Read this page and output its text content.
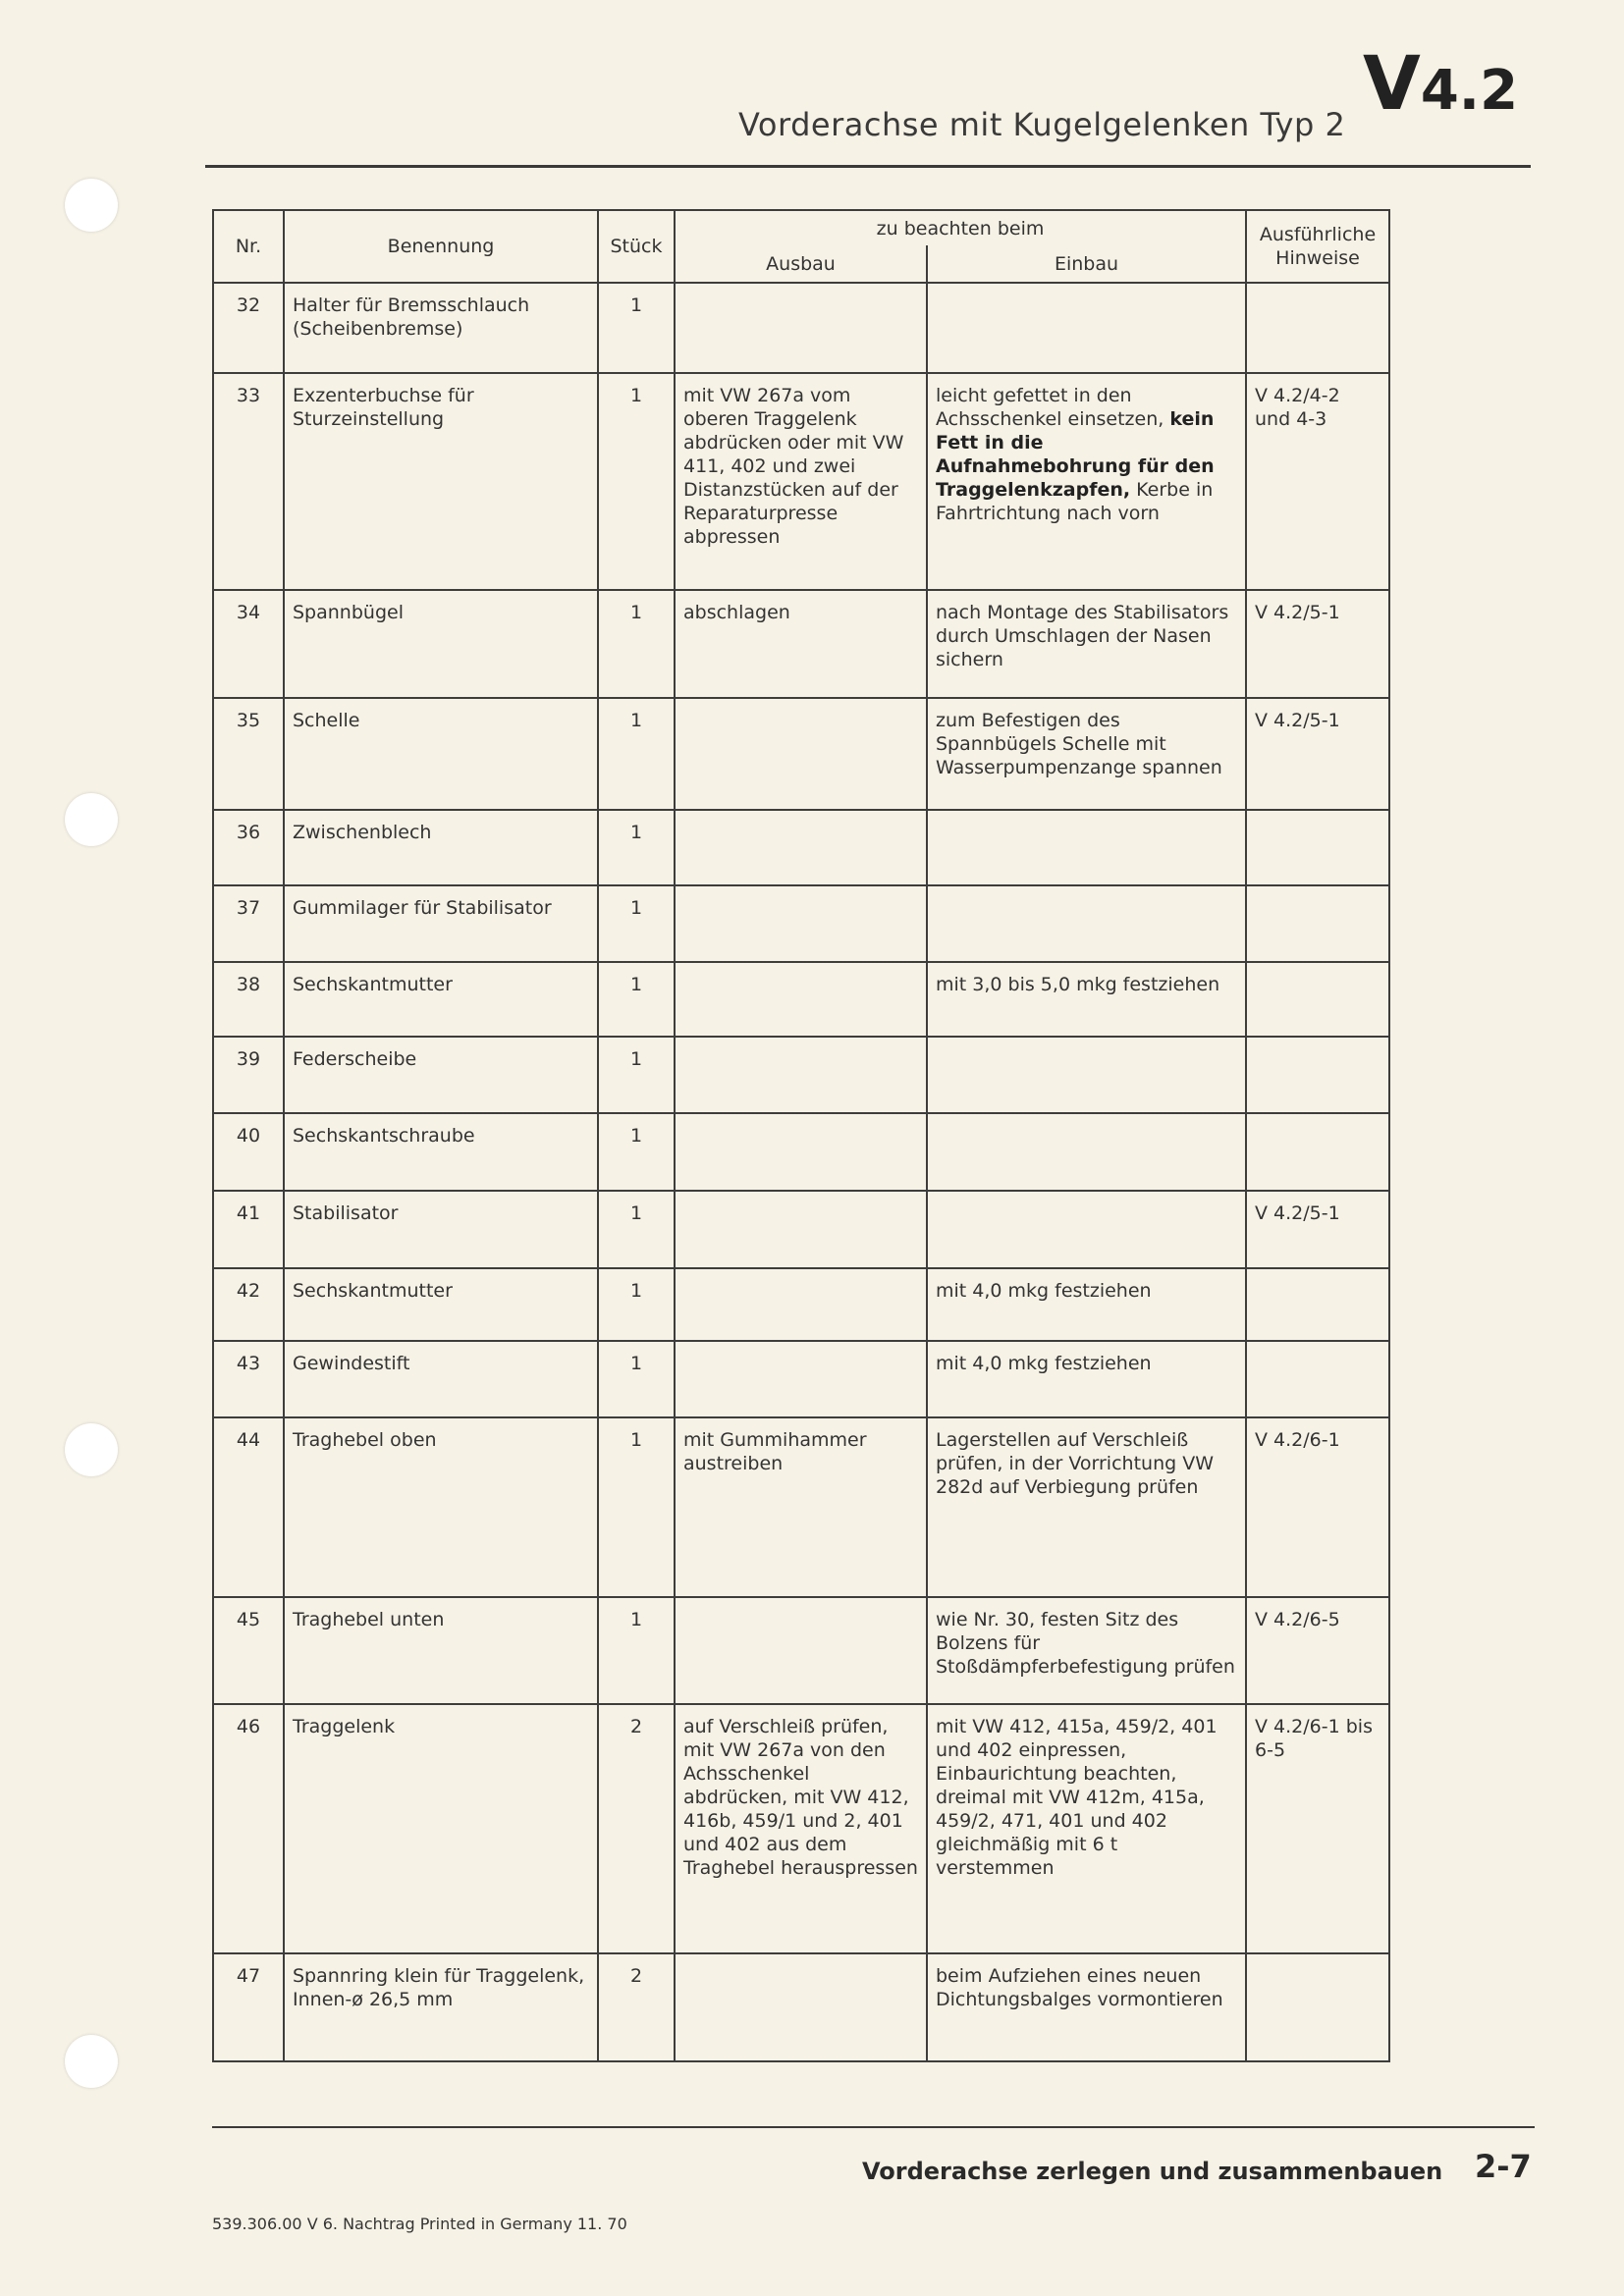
Vorderachse mit Kugelgelenken Typ 2 V4.2
Nr.	Benennung	Stück	zu beachten beim		Ausführliche Hinweise
			Ausbau	Einbau	
32	Halter für Bremsschlauch (Scheibenbremse)	1			
33	Exzenterbuchse für Sturzeinstellung	1	mit VW 267a vom oberen Traggelenk abdrücken oder mit VW 411, 402 und zwei Distanzstücken auf der Reparaturpresse abpressen	leicht gefettet in den Achsschenkel einsetzen, kein Fett in die Aufnahmebohrung für den Traggelenkzapfen, Kerbe in Fahrtrichtung nach vorn	V 4.2/4-2 und 4-3
34	Spannbügel	1	abschlagen	nach Montage des Stabilisators durch Umschlagen der Nasen sichern	V 4.2/5-1
35	Schelle	1		zum Befestigen des Spannbügels Schelle mit Wasserpumpenzange spannen	V 4.2/5-1
36	Zwischenblech	1			
37	Gummilager für Stabilisator	1			
38	Sechskantmutter	1		mit 3,0 bis 5,0 mkg festziehen	
39	Federscheibe	1			
40	Sechskantschraube	1			
41	Stabilisator	1			V 4.2/5-1
42	Sechskantmutter	1		mit 4,0 mkg festziehen	
43	Gewindestift	1		mit 4,0 mkg festziehen	
44	Traghebel oben	1	mit Gummihammer austreiben	Lagerstellen auf Verschleiß prüfen, in der Vorrichtung VW 282d auf Verbiegung prüfen	V 4.2/6-1
45	Traghebel unten	1		wie Nr. 30, festen Sitz des Bolzens für Stoßdämpferbefestigung prüfen	V 4.2/6-5
46	Traggelenk	2	auf Verschleiß prüfen, mit VW 267a von den Achsschenkel abdrücken, mit VW 412, 416b, 459/1 und 2, 401 und 402 aus dem Traghebel herauspressen	mit VW 412, 415a, 459/2, 401 und 402 einpressen, Einbaurichtung beachten, dreimal mit VW 412m, 415a, 459/2, 471, 401 und 402 gleichmäßig mit 6 t verstemmen	V 4.2/6-1 bis 6-5
47	Spannring klein für Traggelenk, Innen-ø 26,5 mm	2		beim Aufziehen eines neuen Dichtungsbalges vormontieren	
Vorderachse zerlegen und zusammenbauen 2-7
539.306.00 V 6. Nachtrag Printed in Germany 11. 70
